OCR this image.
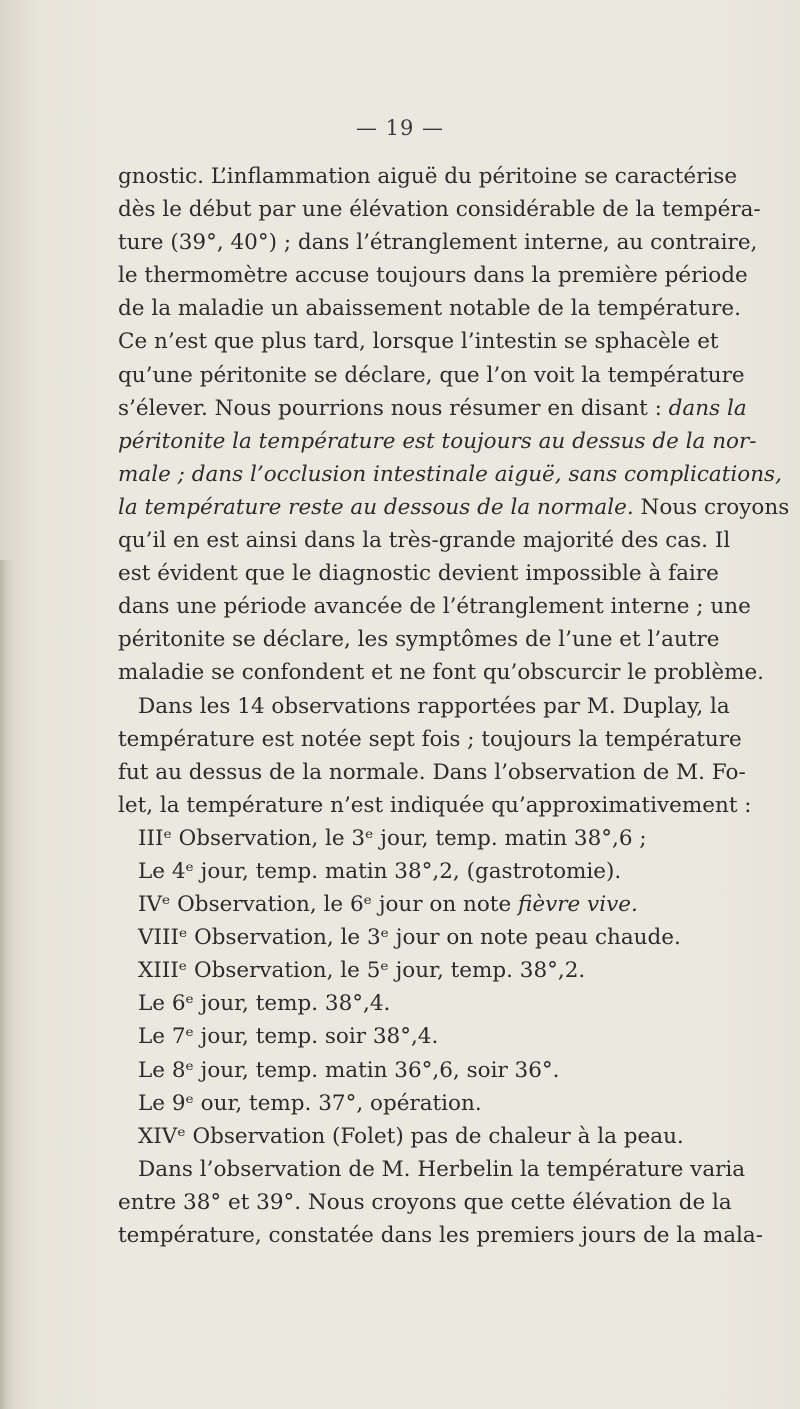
— 19 —
gnostic. L’inflammation aiguë du péritoine se caractérise
dès le début par une élévation considérable de la tempéra-
ture (39°, 40°) ; dans l’étranglement interne, au contraire,
le thermomètre accuse toujours dans la première période
de la maladie un abaissement notable de la température.
Ce n’est que plus tard, lorsque l’intestin se sphacèle et
qu’une péritonite se déclare, que l’on voit la température
s’élever. Nous pourrions nous résumer en disant : dans la
péritonite la température est toujours au dessus de la nor-
male ; dans l’occlusion intestinale aiguë, sans complications,
la température reste au dessous de la normale. Nous croyons
qu’il en est ainsi dans la très-grande majorité des cas. Il
est évident que le diagnostic devient impossible à faire
dans une période avancée de l’étranglement interne ; une
péritonite se déclare, les symptômes de l’une et l’autre
maladie se confondent et ne font qu’obscurcir le problème.
Dans les 14 observations rapportées par M. Duplay, la
température est notée sept fois ; toujours la température
fut au dessus de la normale. Dans l’observation de M. Fo-
let, la température n’est indiquée qu’approximativement :
IIIᵉ Observation, le 3ᵉ jour, temp. matin 38°,6 ;
Le 4ᵉ jour, temp. matin 38°,2, (gastrotomie).
IVᵉ Observation, le 6ᵉ jour on note fièvre vive.
VIIIᵉ Observation, le 3ᵉ jour on note peau chaude.
XIIIᵉ Observation, le 5ᵉ jour, temp. 38°,2.
Le 6ᵉ jour, temp. 38°,4.
Le 7ᵉ jour, temp. soir 38°,4.
Le 8ᵉ jour, temp. matin 36°,6, soir 36°.
Le 9ᵉ our, temp. 37°, opération.
XIVᵉ Observation (Folet) pas de chaleur à la peau.
Dans l’observation de M. Herbelin la température varia
entre 38° et 39°. Nous croyons que cette élévation de la
température, constatée dans les premiers jours de la mala-
